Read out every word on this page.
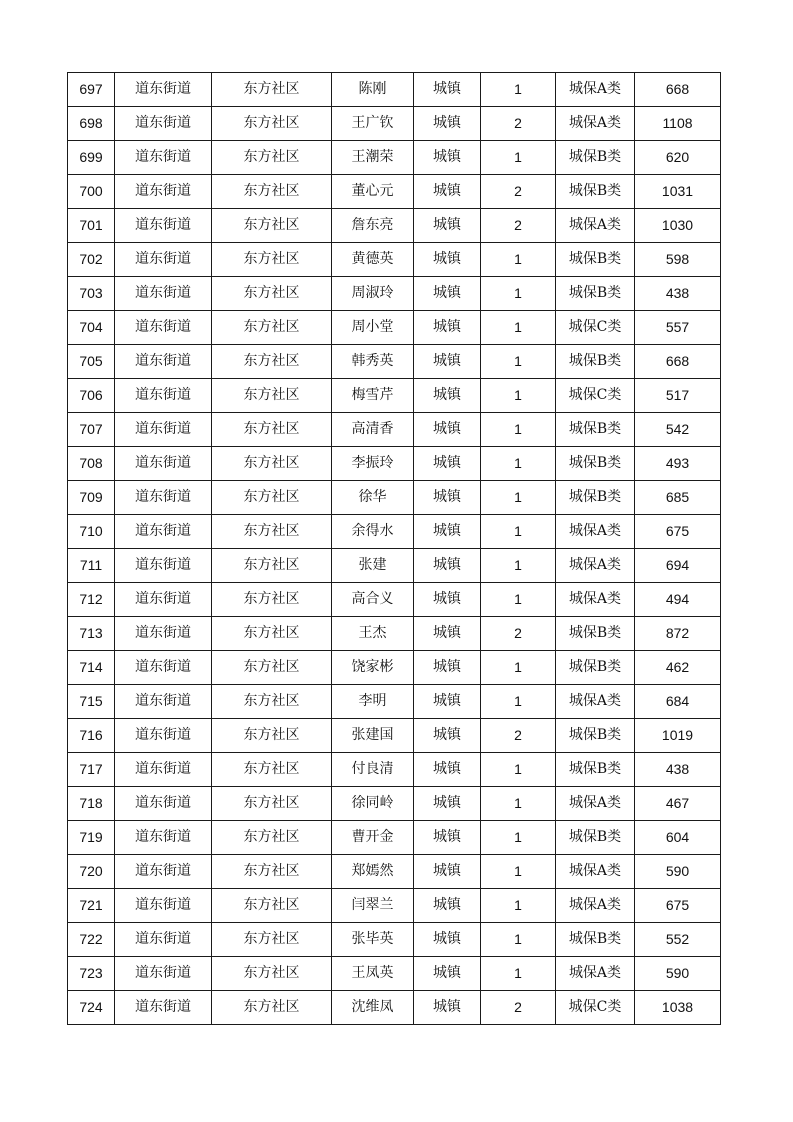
697	道东街道	东方社区	陈刚	城镇	1	城保A类	668
698	道东街道	东方社区	王广钦	城镇	2	城保A类	1108
699	道东街道	东方社区	王潮荣	城镇	1	城保B类	620
700	道东街道	东方社区	董心元	城镇	2	城保B类	1031
701	道东街道	东方社区	詹东亮	城镇	2	城保A类	1030
702	道东街道	东方社区	黄德英	城镇	1	城保B类	598
703	道东街道	东方社区	周淑玲	城镇	1	城保B类	438
704	道东街道	东方社区	周小堂	城镇	1	城保C类	557
705	道东街道	东方社区	韩秀英	城镇	1	城保B类	668
706	道东街道	东方社区	梅雪芹	城镇	1	城保C类	517
707	道东街道	东方社区	高清香	城镇	1	城保B类	542
708	道东街道	东方社区	李振玲	城镇	1	城保B类	493
709	道东街道	东方社区	徐华	城镇	1	城保B类	685
710	道东街道	东方社区	余得水	城镇	1	城保A类	675
711	道东街道	东方社区	张建	城镇	1	城保A类	694
712	道东街道	东方社区	高合义	城镇	1	城保A类	494
713	道东街道	东方社区	王杰	城镇	2	城保B类	872
714	道东街道	东方社区	饶家彬	城镇	1	城保B类	462
715	道东街道	东方社区	李明	城镇	1	城保A类	684
716	道东街道	东方社区	张建国	城镇	2	城保B类	1019
717	道东街道	东方社区	付良清	城镇	1	城保B类	438
718	道东街道	东方社区	徐同岭	城镇	1	城保A类	467
719	道东街道	东方社区	曹开金	城镇	1	城保B类	604
720	道东街道	东方社区	郑嫣然	城镇	1	城保A类	590
721	道东街道	东方社区	闫翠兰	城镇	1	城保A类	675
722	道东街道	东方社区	张毕英	城镇	1	城保B类	552
723	道东街道	东方社区	王凤英	城镇	1	城保A类	590
724	道东街道	东方社区	沈维凤	城镇	2	城保C类	1038
